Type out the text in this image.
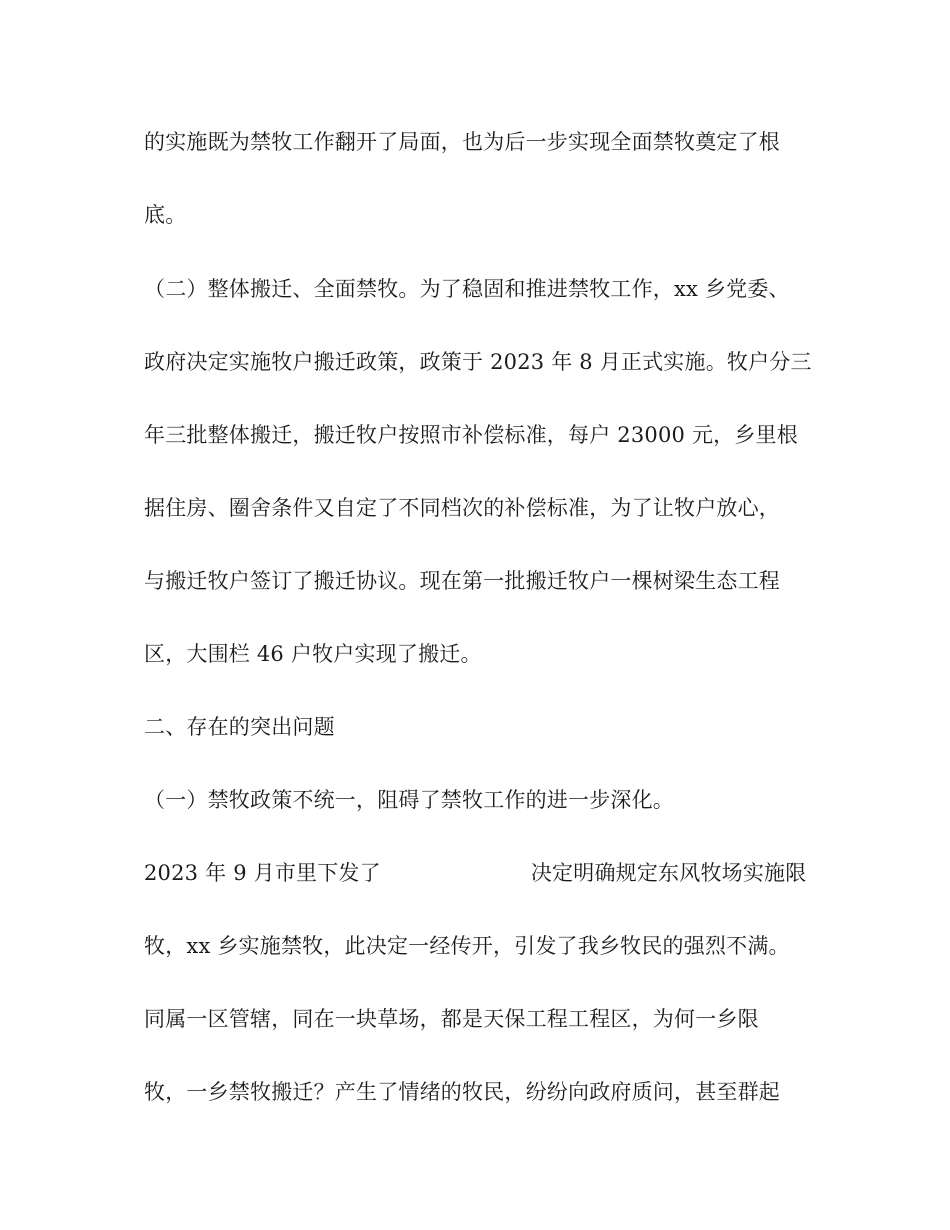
的实施既为禁牧工作翻开了局面，也为后一步实现全面禁牧奠定了根
底。
（二）整体搬迁、全面禁牧。为了稳固和推进禁牧工作，xx 乡党委、
政府决定实施牧户搬迁政策，政策于 2023 年 8 月正式实施。牧户分三
年三批整体搬迁，搬迁牧户按照市补偿标准，每户 23000 元，乡里根
据住房、圈舍条件又自定了不同档次的补偿标准，为了让牧户放心，
与搬迁牧户签订了搬迁协议。现在第一批搬迁牧户一棵树梁生态工程
区，大围栏 46 户牧户实现了搬迁。
二、存在的突出问题
（一）禁牧政策不统一，阻碍了禁牧工作的进一步深化。
2023 年 9 月市里下发了	决定明确规定东风牧场实施限
牧，xx 乡实施禁牧，此决定一经传开，引发了我乡牧民的强烈不满。
同属一区管辖，同在一块草场，都是天保工程工程区，为何一乡限
牧，一乡禁牧搬迁？产生了情绪的牧民，纷纷向政府质问，甚至群起
